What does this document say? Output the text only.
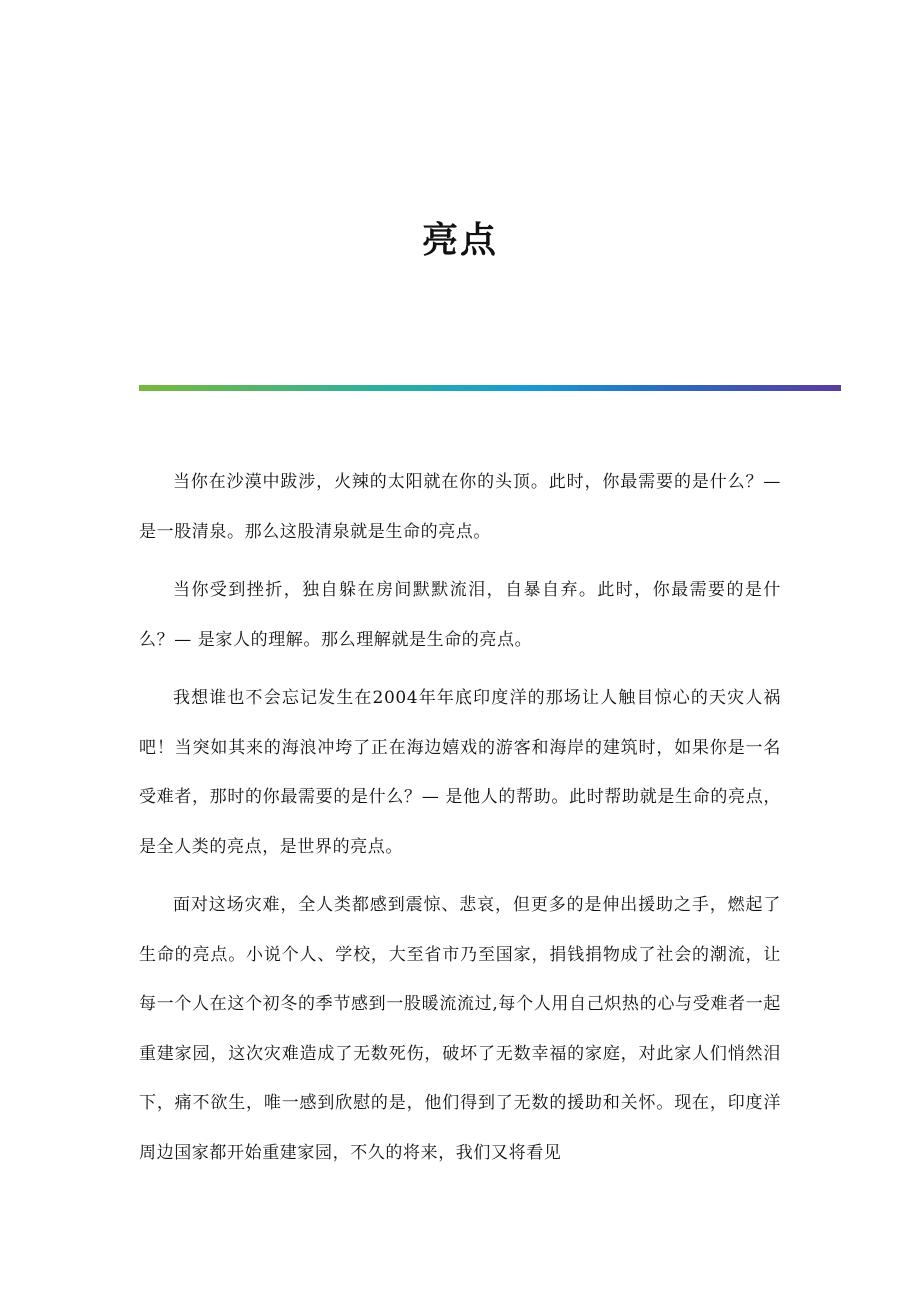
亮点

当你在沙漠中跋涉，火辣的太阳就在你的头顶。此时，你最需要的是什么？— 是一股清泉。那么这股清泉就是生命的亮点。

当你受到挫折，独自躲在房间默默流泪，自暴自弃。此时，你最需要的是什么？— 是家人的理解。那么理解就是生命的亮点。

我想谁也不会忘记发生在2004年年底印度洋的那场让人触目惊心的天灾人祸吧！当突如其来的海浪冲垮了正在海边嬉戏的游客和海岸的建筑时，如果你是一名受难者，那时的你最需要的是什么？— 是他人的帮助。此时帮助就是生命的亮点，是全人类的亮点，是世界的亮点。

面对这场灾难，全人类都感到震惊、悲哀，但更多的是伸出援助之手，燃起了生命的亮点。小说个人、学校，大至省市乃至国家，捐钱捐物成了社会的潮流，让每一个人在这个初冬的季节感到一股暖流流过,每个人用自己炽热的心与受难者一起重建家园，这次灾难造成了无数死伤，破坏了无数幸福的家庭，对此家人们悄然泪下，痛不欲生，唯一感到欣慰的是，他们得到了无数的援助和关怀。现在，印度洋周边国家都开始重建家园，不久的将来，我们又将看见
